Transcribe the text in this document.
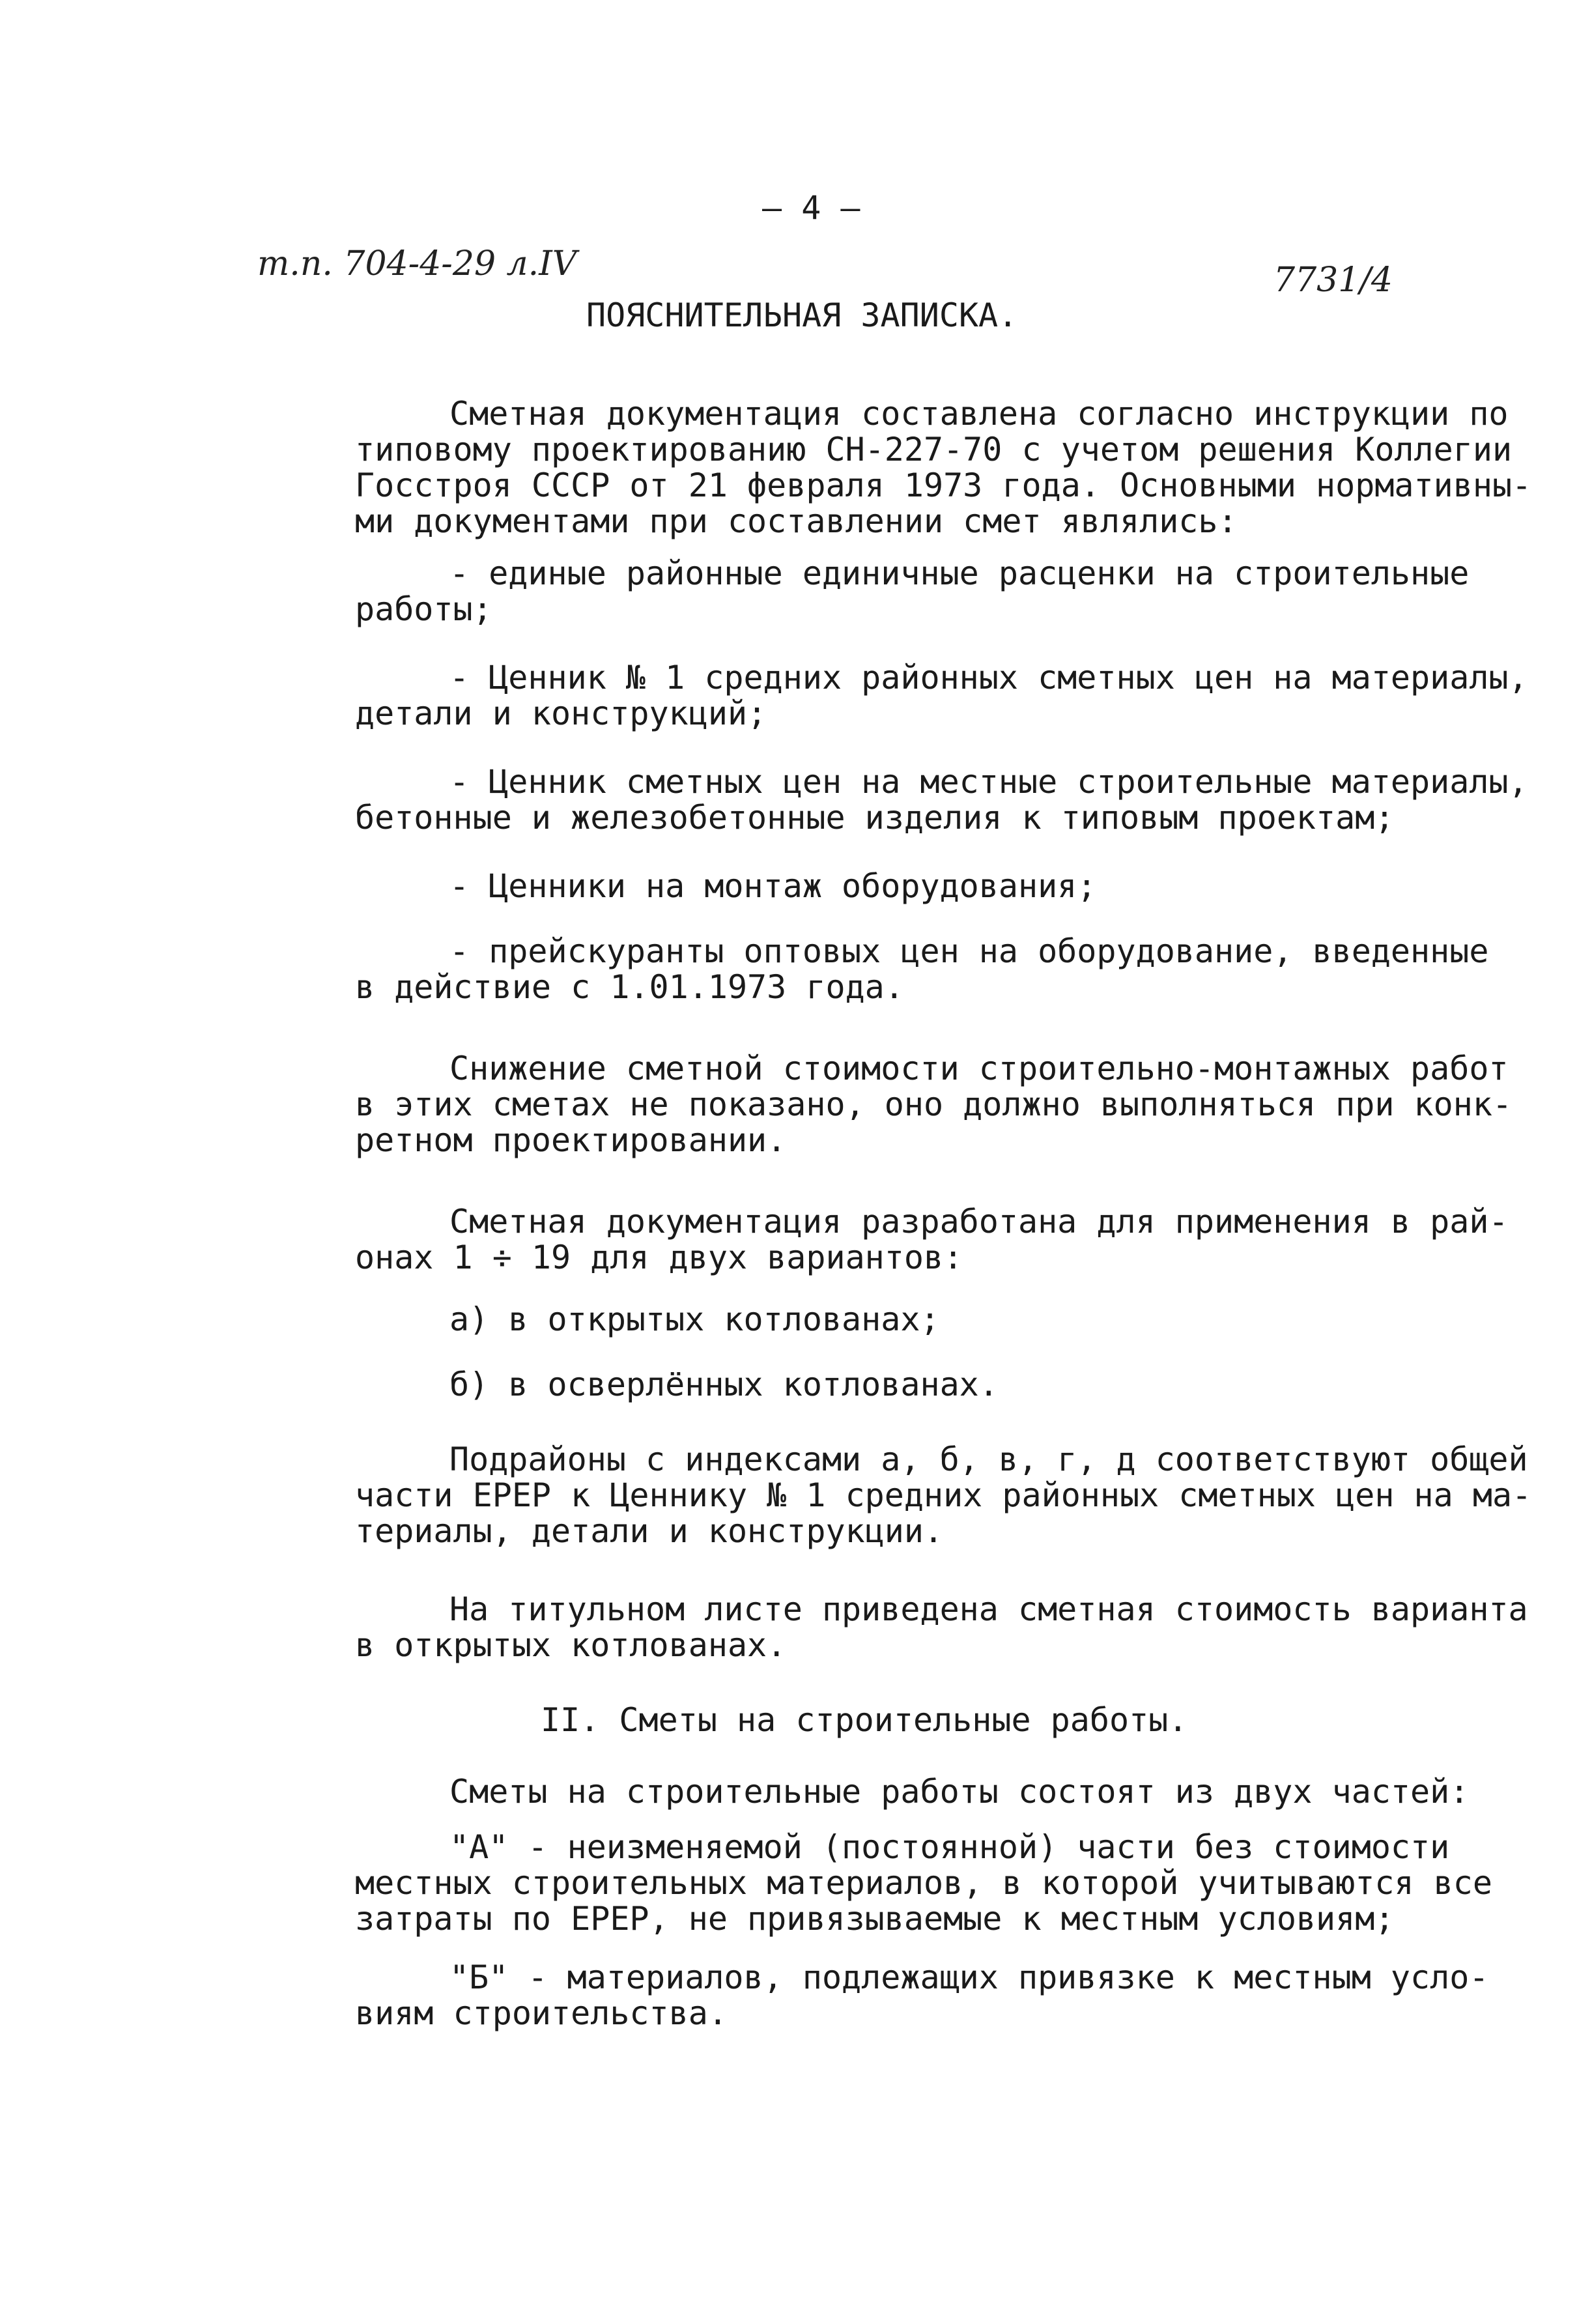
— 4 —
т.п. 704-4-29 л.IV	7731/4
ПОЯСНИТЕЛЬНАЯ ЗАПИСКА.
Сметная документация составлена согласно инструкции по
типовому проектированию СН-227-70 с учетом решения Коллегии
Госстроя СССР от 21 февраля 1973 года. Основными нормативны-
ми документами при составлении смет являлись:
- единые районные единичные расценки на строительные
работы;
- Ценник № 1 средних районных сметных цен на материалы,
детали и конструкций;
- Ценник сметных цен на местные строительные материалы,
бетонные и железобетонные изделия к типовым проектам;
- Ценники на монтаж оборудования;
- прейскуранты оптовых цен на оборудование, введенные
в действие с 1.01.1973 года.
Снижение сметной стоимости строительно-монтажных работ
в этих сметах не показано, оно должно выполняться при конк-
ретном проектировании.
Сметная документация разработана для применения в рай-
онах 1 ÷ 19 для двух вариантов:
а) в открытых котлованах;
б) в осверлённых котлованах.
Подрайоны с индексами а, б, в, г, д соответствуют общей
части ЕРЕР к Ценнику № 1 средних районных сметных цен на ма-
териалы, детали и конструкции.
На титульном листе приведена сметная стоимость варианта
в открытых котлованах.
II. Сметы на строительные работы.
Сметы на строительные работы состоят из двух частей:
"А" - неизменяемой (постоянной) части без стоимости
местных строительных материалов, в которой учитываются все
затраты по ЕРЕР, не привязываемые к местным условиям;
"Б" - материалов, подлежащих привязке к местным усло-
виям строительства.
